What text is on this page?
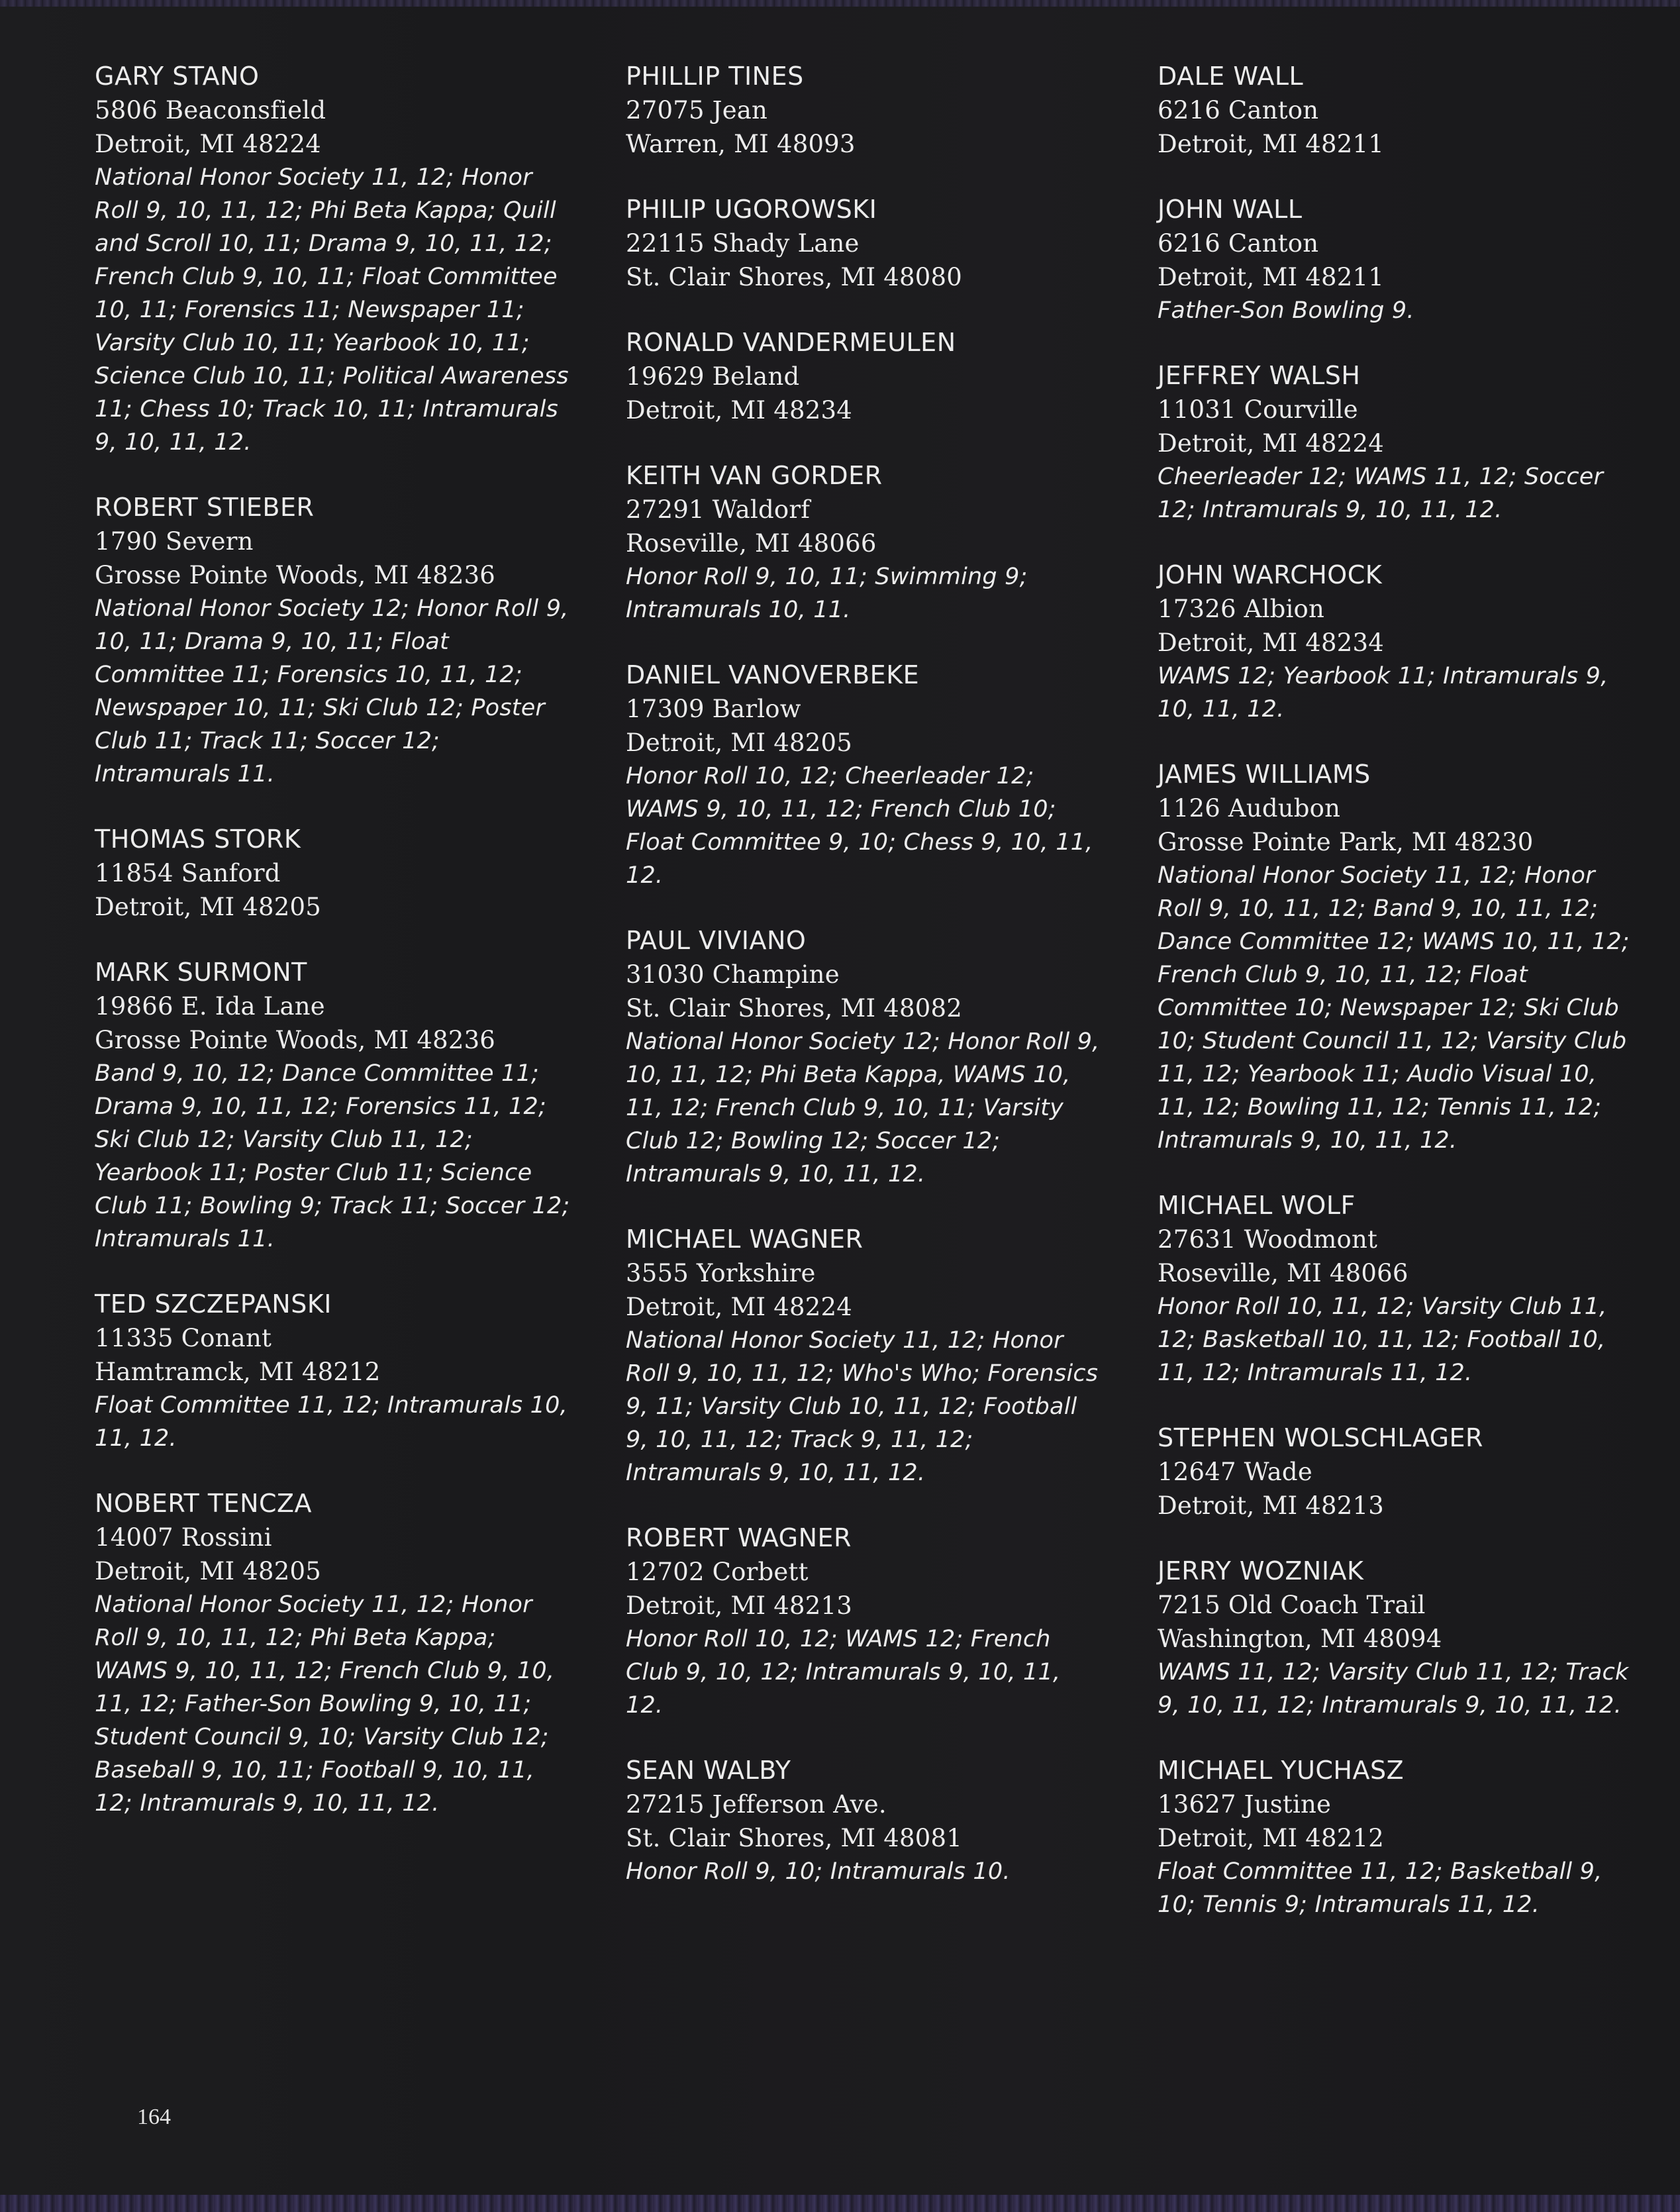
GARY STANO
5806 Beaconsfield
Detroit, MI 48224
National Honor Society 11, 12; Honor Roll 9, 10, 11, 12; Phi Beta Kappa; Quill and Scroll 10, 11; Drama 9, 10, 11, 12; French Club 9, 10, 11; Float Committee 10, 11; Forensics 11; Newspaper 11; Varsity Club 10, 11; Yearbook 10, 11; Science Club 10, 11; Political Awareness 11; Chess 10; Track 10, 11; Intramurals 9, 10, 11, 12.
ROBERT STIEBER
1790 Severn
Grosse Pointe Woods, MI 48236
National Honor Society 12; Honor Roll 9, 10, 11; Drama 9, 10, 11; Float Committee 11; Forensics 10, 11, 12; Newspaper 10, 11; Ski Club 12; Poster Club 11; Track 11; Soccer 12; Intramurals 11.
THOMAS STORK
11854 Sanford
Detroit, MI 48205
MARK SURMONT
19866 E. Ida Lane
Grosse Pointe Woods, MI 48236
Band 9, 10, 12; Dance Committee 11; Drama 9, 10, 11, 12; Forensics 11, 12; Ski Club 12; Varsity Club 11, 12; Yearbook 11; Poster Club 11; Science Club 11; Bowling 9; Track 11; Soccer 12; Intramurals 11.
TED SZCZEPANSKI
11335 Conant
Hamtramck, MI 48212
Float Committee 11, 12; Intramurals 10, 11, 12.
NOBERT TENCZA
14007 Rossini
Detroit, MI 48205
National Honor Society 11, 12; Honor Roll 9, 10, 11, 12; Phi Beta Kappa; WAMS 9, 10, 11, 12; French Club 9, 10, 11, 12; Father-Son Bowling 9, 10, 11; Student Council 9, 10; Varsity Club 12; Baseball 9, 10, 11; Football 9, 10, 11, 12; Intramurals 9, 10, 11, 12.
PHILLIP TINES
27075 Jean
Warren, MI 48093
PHILIP UGOROWSKI
22115 Shady Lane
St. Clair Shores, MI 48080
RONALD VANDERMEULEN
19629 Beland
Detroit, MI 48234
KEITH VAN GORDER
27291 Waldorf
Roseville, MI 48066
Honor Roll 9, 10, 11; Swimming 9; Intramurals 10, 11.
DANIEL VANOVERBEKE
17309 Barlow
Detroit, MI 48205
Honor Roll 10, 12; Cheerleader 12; WAMS 9, 10, 11, 12; French Club 10; Float Committee 9, 10; Chess 9, 10, 11, 12.
PAUL VIVIANO
31030 Champine
St. Clair Shores, MI 48082
National Honor Society 12; Honor Roll 9, 10, 11, 12; Phi Beta Kappa, WAMS 10, 11, 12; French Club 9, 10, 11; Varsity Club 12; Bowling 12; Soccer 12; Intramurals 9, 10, 11, 12.
MICHAEL WAGNER
3555 Yorkshire
Detroit, MI 48224
National Honor Society 11, 12; Honor Roll 9, 10, 11, 12; Who's Who; Forensics 9, 11; Varsity Club 10, 11, 12; Football 9, 10, 11, 12; Track 9, 11, 12; Intramurals 9, 10, 11, 12.
ROBERT WAGNER
12702 Corbett
Detroit, MI 48213
Honor Roll 10, 12; WAMS 12; French Club 9, 10, 12; Intramurals 9, 10, 11, 12.
SEAN WALBY
27215 Jefferson Ave.
St. Clair Shores, MI 48081
Honor Roll 9, 10; Intramurals 10.
DALE WALL
6216 Canton
Detroit, MI 48211
JOHN WALL
6216 Canton
Detroit, MI 48211
Father-Son Bowling 9.
JEFFREY WALSH
11031 Courville
Detroit, MI 48224
Cheerleader 12; WAMS 11, 12; Soccer 12; Intramurals 9, 10, 11, 12.
JOHN WARCHOCK
17326 Albion
Detroit, MI 48234
WAMS 12; Yearbook 11; Intramurals 9, 10, 11, 12.
JAMES WILLIAMS
1126 Audubon
Grosse Pointe Park, MI 48230
National Honor Society 11, 12; Honor Roll 9, 10, 11, 12; Band 9, 10, 11, 12; Dance Committee 12; WAMS 10, 11, 12; French Club 9, 10, 11, 12; Float Committee 10; Newspaper 12; Ski Club 10; Student Council 11, 12; Varsity Club 11, 12; Yearbook 11; Audio Visual 10, 11, 12; Bowling 11, 12; Tennis 11, 12; Intramurals 9, 10, 11, 12.
MICHAEL WOLF
27631 Woodmont
Roseville, MI 48066
Honor Roll 10, 11, 12; Varsity Club 11, 12; Basketball 10, 11, 12; Football 10, 11, 12; Intramurals 11, 12.
STEPHEN WOLSCHLAGER
12647 Wade
Detroit, MI 48213
JERRY WOZNIAK
7215 Old Coach Trail
Washington, MI 48094
WAMS 11, 12; Varsity Club 11, 12; Track 9, 10, 11, 12; Intramurals 9, 10, 11, 12.
MICHAEL YUCHASZ
13627 Justine
Detroit, MI 48212
Float Committee 11, 12; Basketball 9, 10; Tennis 9; Intramurals 11, 12.
164
